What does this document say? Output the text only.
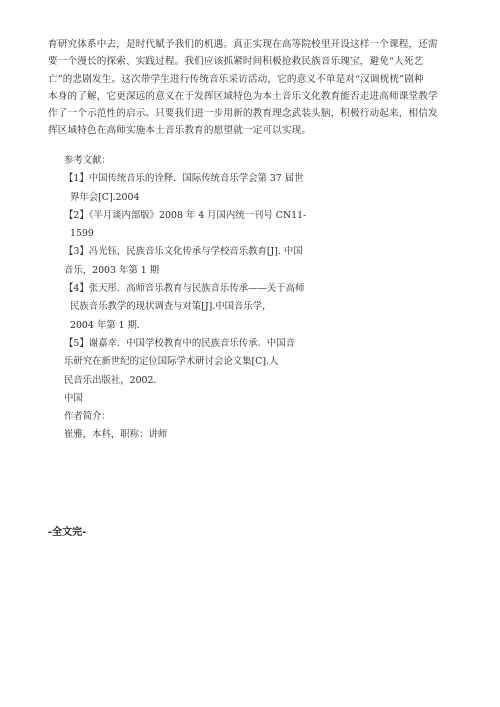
育研究体系中去，是时代赋予我们的机遇。真正实现在高等院校里开设这样一个课程，还需
要一个漫长的探索、实践过程。我们应该抓紧时间积极抢救民族音乐瑰宝，避免“人死艺
亡”的悲剧发生。这次带学生进行传统音乐采访活动，它的意义不单是对“汉调桄桄”剧种
本身的了解，它更深远的意义在于发挥区域特色为本土音乐文化教育能否走进高师课堂教学
作了一个示范性的启示。只要我们进一步用新的教育理念武装头脑，积极行动起来，相信发
挥区域特色在高师实施本土音乐教育的愿望就一定可以实现。

参考文献：
【1】中国传统音乐的诠释．国际传统音乐学会第 37 届世
界年会[C].2004
【2】《半月谈内部版》2008 年 4 月国内统一刊号 CN11-
1599
【3】冯光钰，民族音乐文化传承与学校音乐教育[J]. 中国
音乐，2003 年第 1 期
【4】张天彤．高师音乐教育与民族音乐传承——关于高师
民族音乐教学的现状调查与对策[J].中国音乐学，
2004 年第 1 期．
【5】谢嘉幸．中国学校教育中的民族音乐传承．中国音
乐研究在新世纪的定位国际学术研讨会论文集[C].人
民音乐出版社，2002．
中国
作者简介：
崔雅，本科，职称：讲师
-全文完-
